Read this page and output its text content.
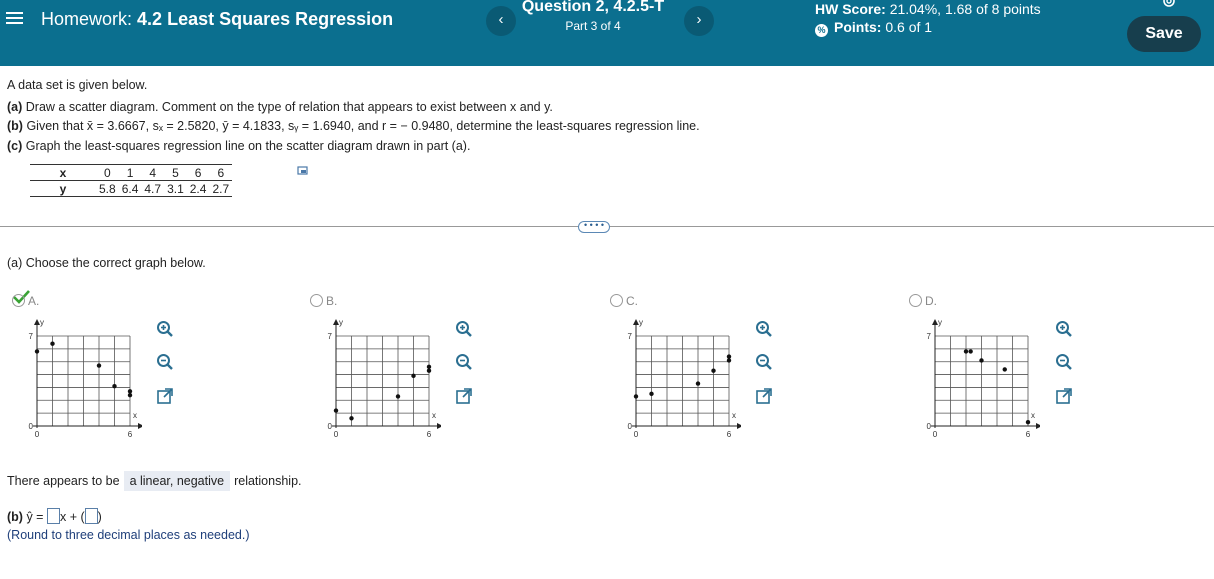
Homework: 4.2 Least Squares Regression	‹
Question 2, 4.2.5-T
Part 3 of 4	›
HW Score: 21.04%, 1.68 of 8 points
% Points: 0.6 of 1	Save
A data set is given below.
(a) Draw a scatter diagram. Comment on the type of relation that appears to exist between x and y.
(b) Given that x̄ = 3.6667, sₓ = 2.5820, ȳ = 4.1833, sᵧ = 1.6940, and r = − 0.9480, determine the least-squares regression line.
(c) Graph the least-squares regression line on the scatter diagram drawn in part (a).
x	0	1	4	5	6	6
y	5.8	6.4	4.7	3.1	2.4	2.7
• • • •
(a) Choose the correct graph below.
A.	B.	C.	D.
y
7
0
0	6
x
y
7
0
0	6
x
y
7
0
0	6
x
y
7
0
0	6
x
There appears to be a linear, negative relationship.
(b) ŷ = x + ( )
(Round to three decimal places as needed.)
